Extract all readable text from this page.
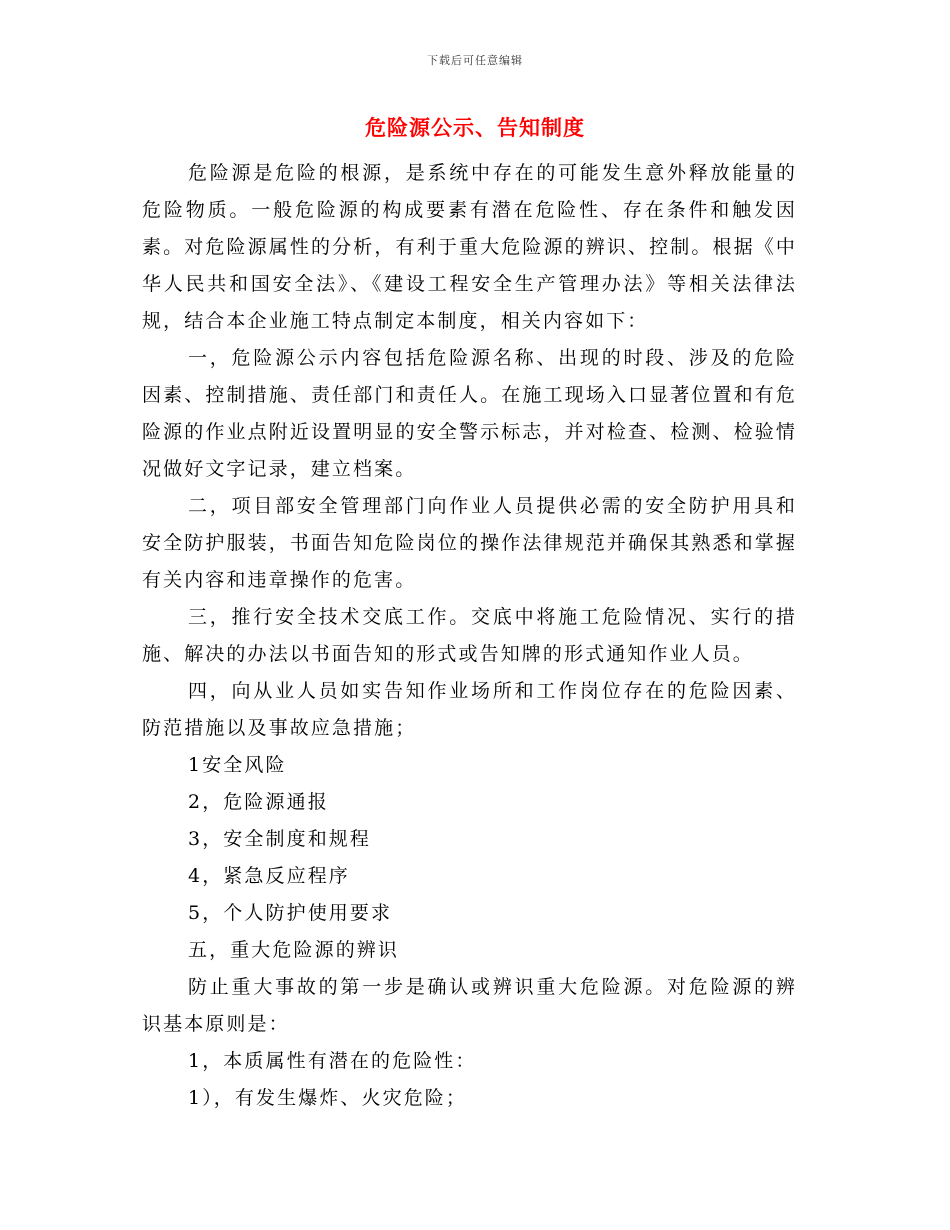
下载后可任意编辑
危险源公示、告知制度

危险源是危险的根源，是系统中存在的可能发生意外释放能量的危险物质。一般危险源的构成要素有潜在危险性、存在条件和触发因素。对危险源属性的分析，有利于重大危险源的辨识、控制。根据《中华人民共和国安全法》、《建设工程安全生产管理办法》等相关法律法规，结合本企业施工特点制定本制度，相关内容如下：

一，危险源公示内容包括危险源名称、出现的时段、涉及的危险因素、控制措施、责任部门和责任人。在施工现场入口显著位置和有危险源的作业点附近设置明显的安全警示标志，并对检查、检测、检验情况做好文字记录，建立档案。

二，项目部安全管理部门向作业人员提供必需的安全防护用具和安全防护服装，书面告知危险岗位的操作法律规范并确保其熟悉和掌握有关内容和违章操作的危害。

三，推行安全技术交底工作。交底中将施工危险情况、实行的措施、解决的办法以书面告知的形式或告知牌的形式通知作业人员。

四，向从业人员如实告知作业场所和工作岗位存在的危险因素、防范措施以及事故应急措施；

1安全风险

2，危险源通报

3，安全制度和规程

4，紧急反应程序

5，个人防护使用要求

五，重大危险源的辨识

防止重大事故的第一步是确认或辨识重大危险源。对危险源的辨识基本原则是：

1，本质属性有潜在的危险性：

1），有发生爆炸、火灾危险；
